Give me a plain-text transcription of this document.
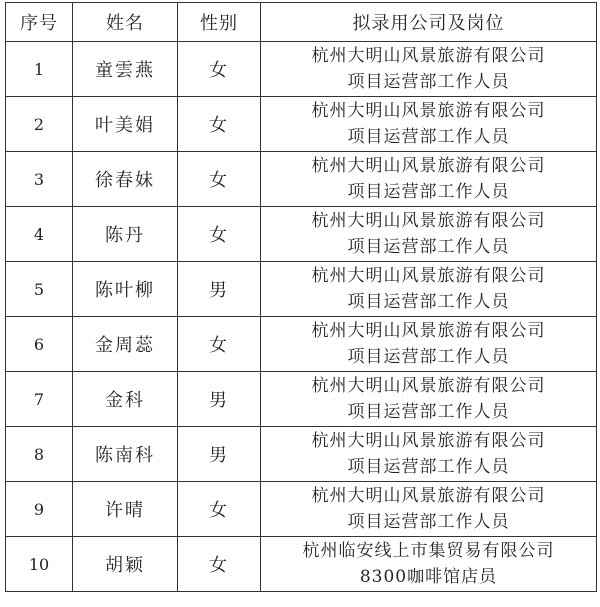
序号	姓名	性别	拟录用公司及岗位
1	童雲燕	女	杭州大明山风景旅游有限公司
项目运营部工作人员

2	叶美娟	女	杭州大明山风景旅游有限公司
项目运营部工作人员

3	徐春妹	女	杭州大明山风景旅游有限公司
项目运营部工作人员

4	陈丹	女	杭州大明山风景旅游有限公司
项目运营部工作人员

5	陈叶柳	男	杭州大明山风景旅游有限公司
项目运营部工作人员

6	金周蕊	女	杭州大明山风景旅游有限公司
项目运营部工作人员

7	金科	男	杭州大明山风景旅游有限公司
项目运营部工作人员

8	陈南科	男	杭州大明山风景旅游有限公司
项目运营部工作人员

9	许晴	女	杭州大明山风景旅游有限公司
项目运营部工作人员

10	胡颖	女	杭州临安线上市集贸易有限公司
8300咖啡馆店员
